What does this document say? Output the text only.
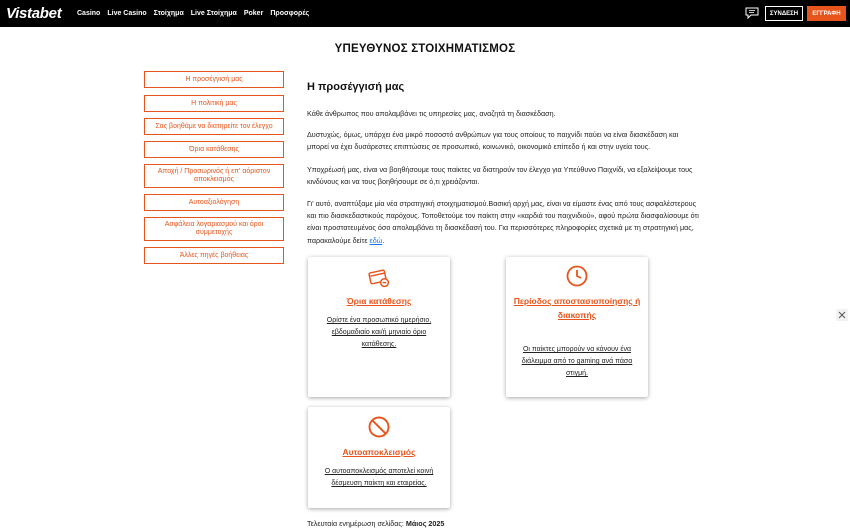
Vistabet Casino Live Casino Στοίχημα Live Στοίχημα Poker Προσφορές	ΣΥΝΔΕΣΗ	ΕΓΓΡΑΦΗ
ΥΠΕΥΘΥΝΟΣ ΣΤΟΙΧΗΜΑΤΙΣΜΟΣ
Η προσέγγισή μας
Η πολιτική μας
Σας βοηθάμε να διατηρείτε τον έλεγχο
Όρια κατάθεσης
Αποχή / Προσωρινός ή επ' αόριστον αποκλεισμός
Αυτοαξιολόγηση
Ασφάλεια λογαριασμού και όροι συμμετοχής
Άλλες πηγές βοήθειας
Η προσέγγισή μας

Κάθε άνθρωπος που απολαμβάνει τις υπηρεσίες μας, αναζητά τη διασκέδαση.

Δυστυχώς, όμως, υπάρχει ένα μικρό ποσοστό ανθρώπων για τους οποίους το παιχνίδι παύει να είναι διασκέδαση και μπορεί να έχει δυσάρεστες επιπτώσεις σε προσωπικό, κοινωνικό, οικονομικό επίπεδο ή και στην υγεία τους.

Υποχρέωσή μας, είναι να βοηθήσουμε τους παίκτες να διατηρούν τον έλεγχο για Υπεύθυνο Παιχνίδι, να εξαλείψουμε τους κινδύνους και να τους βοηθήσουμε σε ό,τι χρειάζονται.

Γι' αυτό, αναπτύξαμε μία νέα στρατηγική στοιχηματισμού.Βασική αρχή μας, είναι να είμαστε ένας από τους ασφαλέστερους και πιο διασκεδαστικούς παρόχους. Τοποθετούμε τον παίκτη στην «καρδιά του παιχνιδιού», αφού πρώτα διασφαλίσουμε ότι είναι προστατευμένος όσο απολαμβάνει τη διασκέδασή του. Για περισσότερες πληροφορίες σχετικά με τη στρατηγική μας, παρακαλούμε δείτε εδώ.

Όρια κατάθεσης
Ορίστε ένα προσωπικό ημερήσιο, εβδομαδιαίο και/ή μηνιαίο όριο κατάθεσης.
Περίοδος αποστασιοποίησης ή διακοπής
Οι παίκτες μπορούν να κάνουν ένα διάλειμμα από το gaming ανά πάσα στιγμή.
Αυτοαποκλεισμός
Ο αυτοαποκλεισμός αποτελεί κοινή δέσμευση παίκτη και εταιρείας.
Τελευταία ενημέρωση σελίδας: Μάιος 2025
